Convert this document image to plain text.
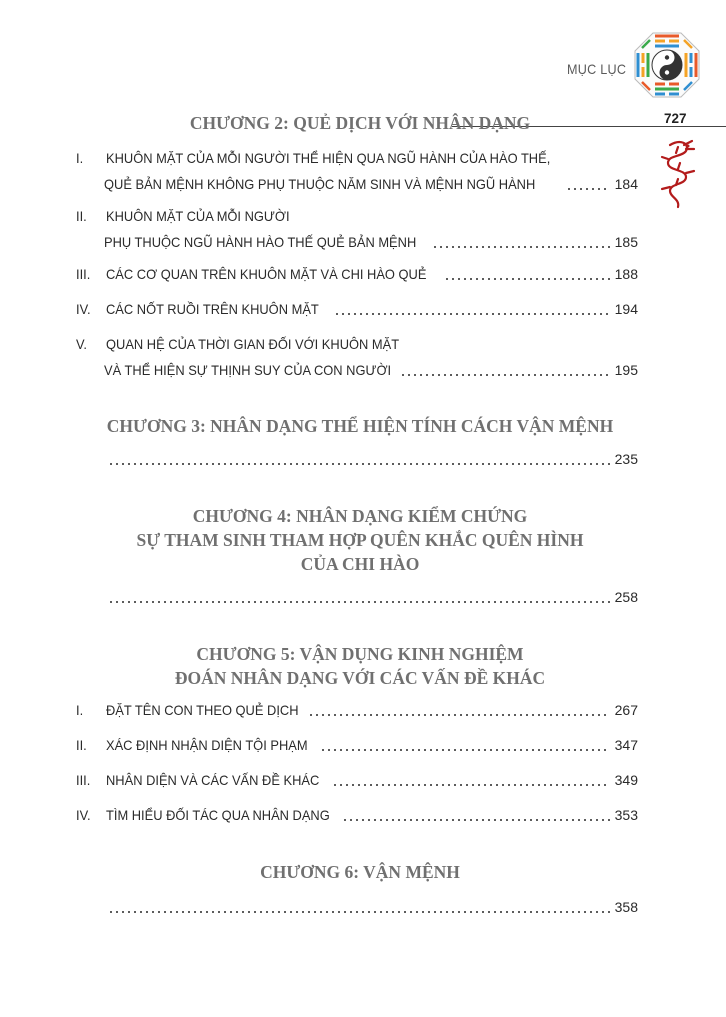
MỤC LỤC
727
CHƯƠNG 2: QUẺ DỊCH VỚI NHÂN DẠNG
I. KHUÔN MẶT CỦA MỖI NGƯỜI THỂ HIỆN QUA NGŨ HÀNH CỦA HÀO THẾ,
QUẺ BẢN MỆNH KHÔNG PHỤ THUỘC NĂM SINH VÀ MỆNH NGŨ HÀNH	184
II. KHUÔN MẶT CỦA MỖI NGƯỜI
PHỤ THUỘC NGŨ HÀNH HÀO THẾ QUẺ BẢN MỆNH	185
III. CÁC CƠ QUAN TRÊN KHUÔN MẶT VÀ CHI HÀO QUẺ	188
IV. CÁC NỐT RUỒI TRÊN KHUÔN MẶT	194
V. QUAN HỆ CỦA THỜI GIAN ĐỐI VỚI KHUÔN MẶT
VÀ THỂ HIỆN SỰ THỊNH SUY CỦA CON NGƯỜI	195
CHƯƠNG 3: NHÂN DẠNG THỂ HIỆN TÍNH CÁCH VẬN MỆNH
235
CHƯƠNG 4: NHÂN DẠNG KIỂM CHỨNG
SỰ THAM SINH THAM HỢP QUÊN KHẮC QUÊN HÌNH
CỦA CHI HÀO
258
CHƯƠNG 5: VẬN DỤNG KINH NGHIỆM
ĐOÁN NHÂN DẠNG VỚI CÁC VẤN ĐỀ KHÁC
I. ĐẶT TÊN CON THEO QUẺ DỊCH	267
II. XÁC ĐỊNH NHẬN DIỆN TỘI PHẠM	347
III. NHÂN DIỆN VÀ CÁC VẤN ĐỀ KHÁC	349
IV. TÌM HIỂU ĐỐI TÁC QUA NHÂN DẠNG	353
CHƯƠNG 6: VẬN MỆNH
358
